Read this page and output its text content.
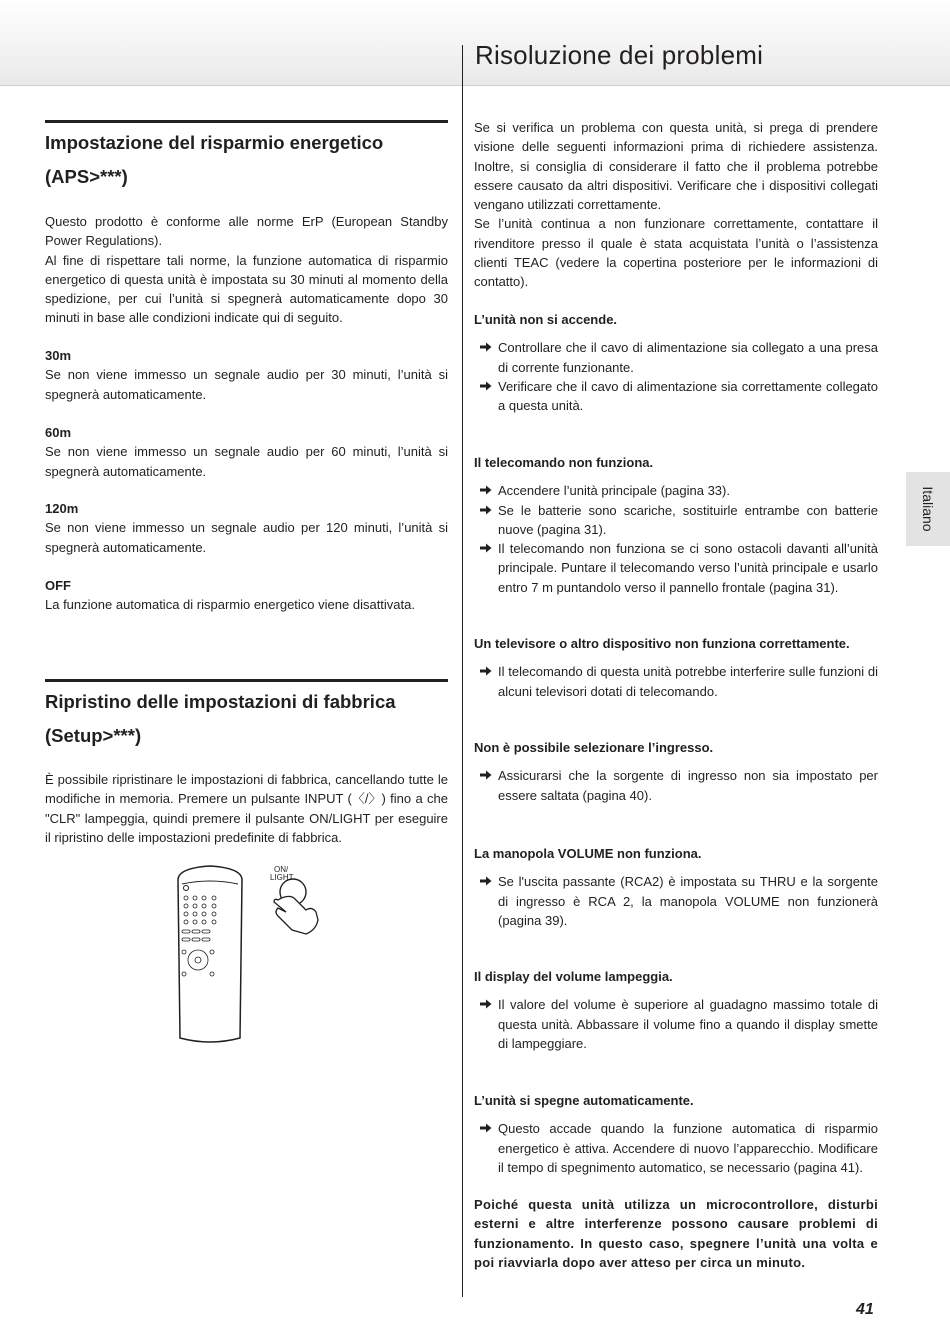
Risoluzione dei problemi

Impostazione del risparmio energetico

(APS>***)

Questo prodotto è conforme alle norme ErP (European Standby Power Regulations).

Al fine di rispettare tali norme, la funzione automatica di risparmio energetico di questa unità è impostata su 30 minuti al momento della spedizione, per cui l’unità si spegnerà automaticamente dopo 30 minuti in base alle condizioni indicate qui di seguito.

30m

Se non viene immesso un segnale audio per 30 minuti, l’unità si spegnerà automaticamente.

60m

Se non viene immesso un segnale audio per 60 minuti, l’unità si spegnerà automaticamente.

120m

Se non viene immesso un segnale audio per 120 minuti, l’unità si spegnerà automaticamente.

OFF

La funzione automatica di risparmio energetico viene disattivata.

Ripristino delle impostazioni di fabbrica

(Setup>***)

È possibile ripristinare le impostazioni di fabbrica, cancellando tutte le modifiche in memoria. Premere un pulsante INPUT (〈/〉) fino a che "CLR" lampeggia, quindi premere il pulsante ON/LIGHT per eseguire il ripristino delle impostazioni predefinite di fabbrica.

ON/
LIGHT

Se si verifica un problema con questa unità, si prega di prendere visione delle seguenti informazioni prima di richiedere assistenza. Inoltre, si consiglia di considerare il fatto che il problema potrebbe essere causato da altri dispositivi. Verificare che i dispositivi collegati vengano utilizzati correttamente.

Se l’unità continua a non funzionare correttamente, contattare il rivenditore presso il quale è stata acquistata l’unità o l’assistenza clienti TEAC (vedere la copertina posteriore per le informazioni di contatto).

L’unità non si accende.

Controllare che il cavo di alimentazione sia collegato a una presa di corrente funzionante.

Verificare che il cavo di alimentazione sia correttamente collegato a questa unità.

Il telecomando non funziona.

Accendere l’unità principale (pagina 33).

Se le batterie sono scariche, sostituirle entrambe con batterie nuove (pagina 31).

Il telecomando non funziona se ci sono ostacoli davanti all’unità principale. Puntare il telecomando verso l’unità principale e usarlo entro 7 m puntandolo verso il pannello frontale (pagina 31).

Un televisore o altro dispositivo non funziona correttamente.

Il telecomando di questa unità potrebbe interferire sulle funzioni di alcuni televisori dotati di telecomando.

Non è possibile selezionare l’ingresso.

Assicurarsi che la sorgente di ingresso non sia impostato per essere saltata (pagina 40).

La manopola VOLUME non funziona.

Se l'uscita passante (RCA2) è impostata su THRU e la sorgente di ingresso è RCA 2, la manopola VOLUME non funzionerà (pagina 39).

Il display del volume lampeggia.

Il valore del volume è superiore al guadagno massimo totale di questa unità. Abbassare il volume fino a quando il display smette di lampeggiare.

L’unità si spegne automaticamente.

Questo accade quando la funzione automatica di risparmio energetico è attiva. Accendere di nuovo l’apparecchio. Modificare il tempo di spegnimento automatico, se necessario (pagina 41).

Poiché questa unità utilizza un microcontrollore, disturbi esterni e altre interferenze possono causare problemi di funzionamento. In questo caso, spegnere l’unità una volta e poi riavviarla dopo aver atteso per circa un minuto.

Italiano
41
